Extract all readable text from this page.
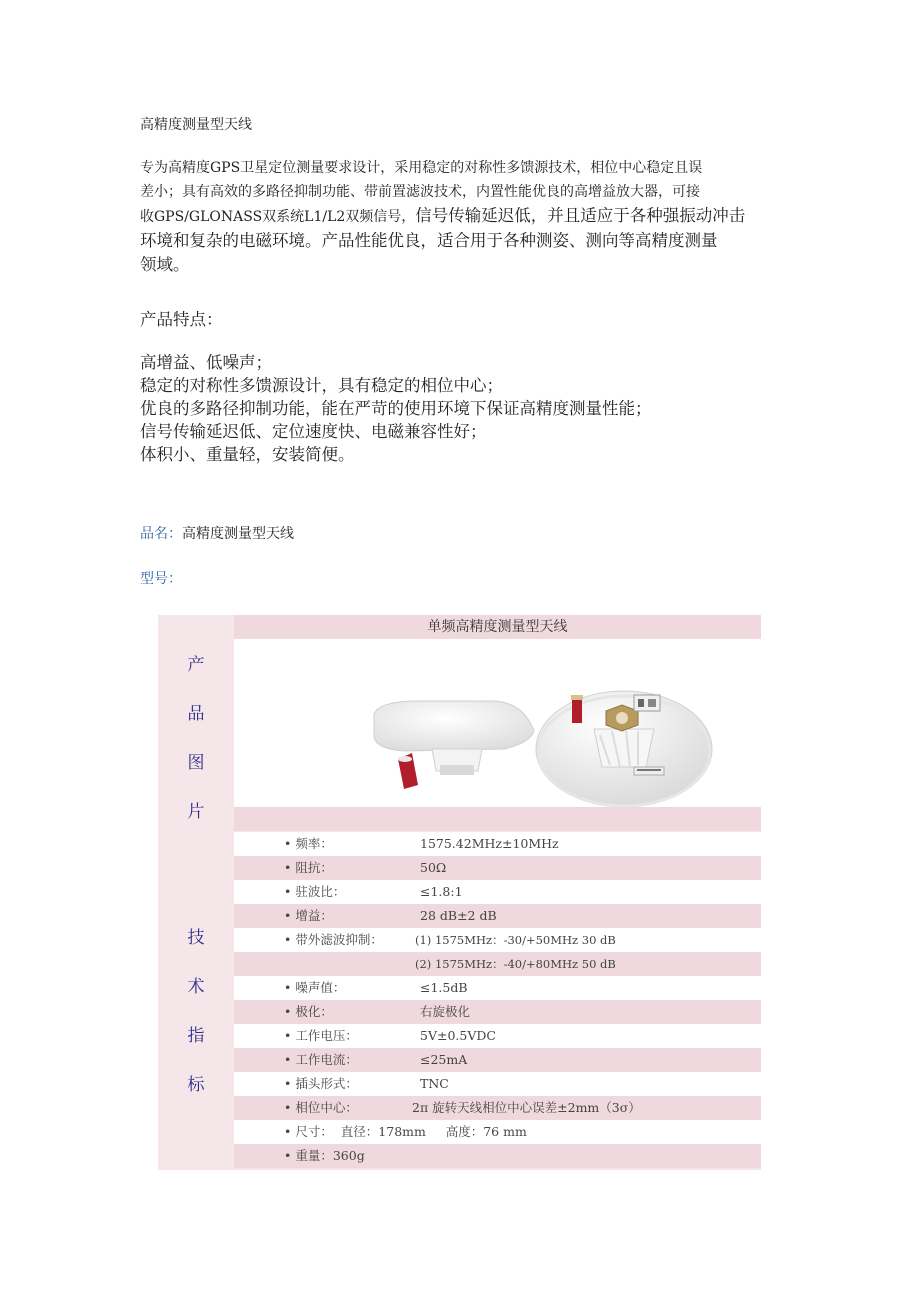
高精度测量型天线
专为高精度GPS卫星定位测量要求设计，采用稳定的对称性多馈源技术，相位中心稳定且误
差小；具有高效的多路径抑制功能、带前置滤波技术，内置性能优良的高增益放大器，可接
收GPS/GLONASS双系统L1/L2双频信号，信号传输延迟低，并且适应于各种强振动冲击
环境和复杂的电磁环境。产品性能优良，适合用于各种测姿、测向等高精度测量
领域。
产品特点：
高增益、低噪声；
稳定的对称性多馈源设计，具有稳定的相位中心；
优良的多路径抑制功能，能在严苛的使用环境下保证高精度测量性能；
信号传输延迟低、定位速度快、电磁兼容性好；
体积小、重量轻，安装简便。
品名：高精度测量型天线
型号：
单频高精度测量型天线
产
品
图
片
技
术
指
标
• 频率：	1575.42MHz±10MHz
• 阻抗：	50Ω
• 驻波比：	≤1.8:1
• 增益：	28 dB±2 dB
• 带外滤波抑制：	(1) 1575MHz：-30/+50MHz 30 dB
(2) 1575MHz：-40/+80MHz 50 dB
• 噪声值：	≤1.5dB
• 极化：	右旋极化
• 工作电压：	5V±0.5VDC
• 工作电流：	≤25mA
• 插头形式：	TNC
• 相位中心：	2π 旋转天线相位中心误差±2mm（3σ）
• 尺寸：  直径：178mm     高度：76 mm
• 重量：360g
